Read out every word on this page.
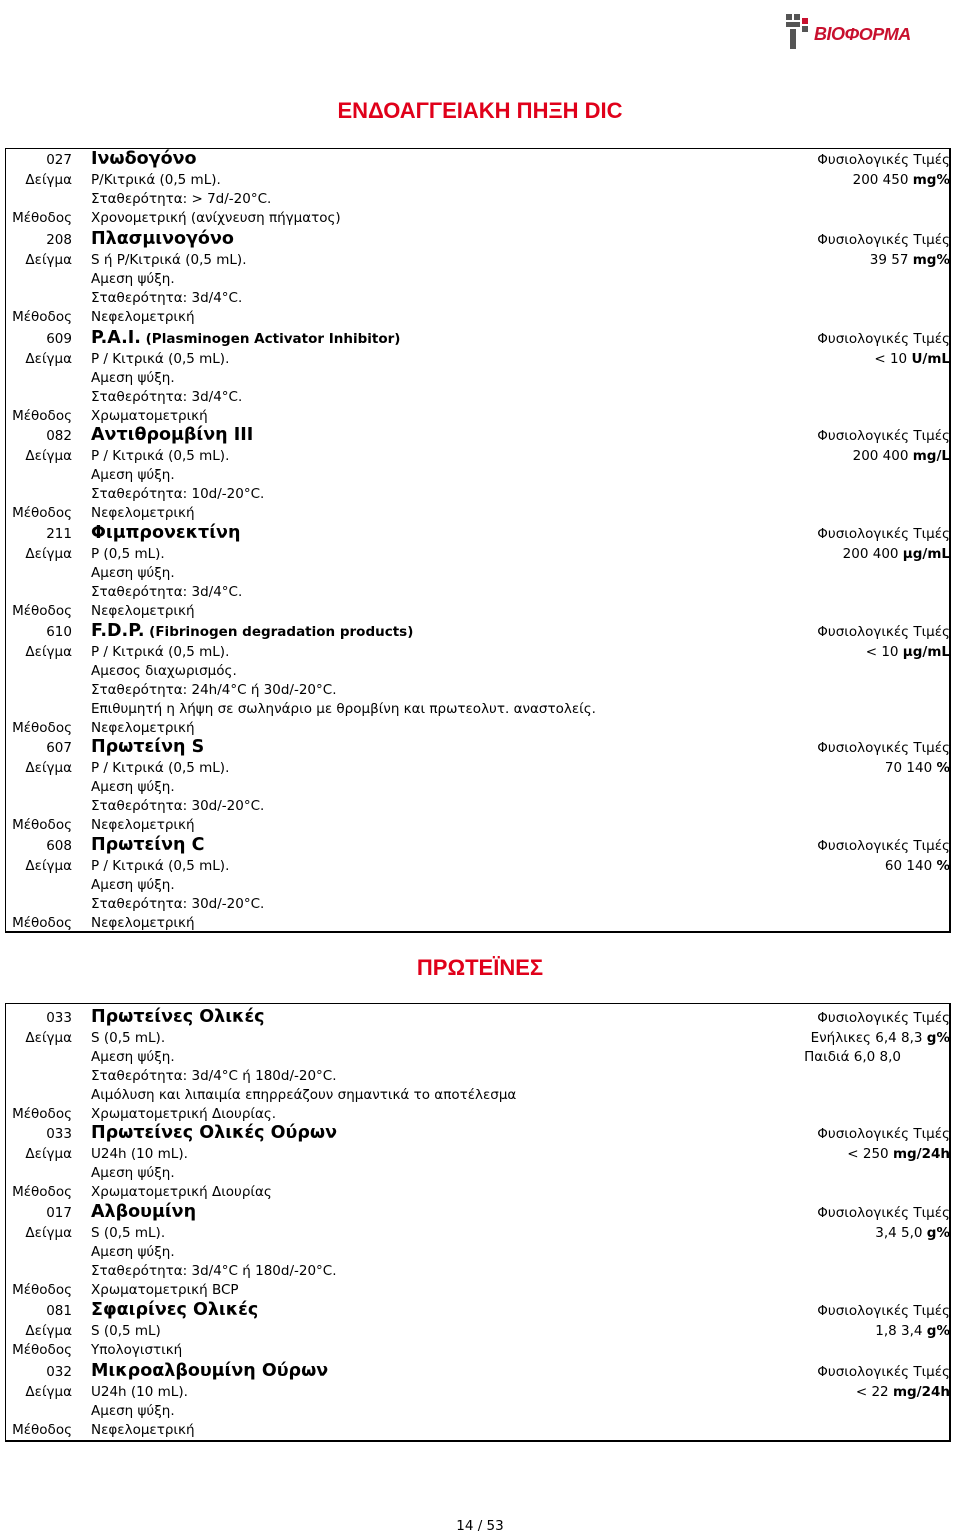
BIOΦΟΡΜΑ
ΕΝΔΟΑΓΓΕΙΑΚΗ ΠΗΞΗ DIC
027 Ινωδογόνο	Φυσιολογικές Τιμές
200 450 mg%
Δείγμα Ρ/Κιτρικά (0,5 mL).
Σταθερότητα: > 7d/-20°C.
Μέθοδος Χρονομετρική (ανίχνευση πήγματος)
208 Πλασμινογόνο	Φυσιολογικές Τιμές
39 57 mg%
Δείγμα S ή P/Κιτρικά (0,5 mL).
Αμεση ψύξη.
Σταθερότητα: 3d/4°C.
Μέθοδος Νεφελομετρική
609 P.A.I. (Plasminogen Activator Inhibitor)	Φυσιολογικές Τιμές
< 10 U/mL
Δείγμα P / Κιτρικά (0,5 mL).
Αμεση ψύξη.
Σταθερότητα: 3d/4°C.
Μέθοδος Χρωματομετρική
082 Αντιθρομβίνη ΙΙΙ	Φυσιολογικές Τιμές
200 400 mg/L
Δείγμα P / Κιτρικά (0,5 mL).
Αμεση ψύξη.
Σταθερότητα: 10d/-20°C.
Μέθοδος Νεφελομετρική
211 Φιμπρονεκτίνη	Φυσιολογικές Τιμές
200 400 μg/mL
Δείγμα P (0,5 mL).
Αμεση ψύξη.
Σταθερότητα: 3d/4°C.
Μέθοδος Νεφελομετρική
610 F.D.P. (Fibrinogen degradation products)	Φυσιολογικές Τιμές
< 10 μg/mL
Δείγμα P / Κιτρικά (0,5 mL).
Αμεσος διαχωρισμός.
Σταθερότητα: 24h/4°C ή 30d/-20°C.
Επιθυμητή η λήψη σε σωληνάριο με θρομβίνη και πρωτεολυτ. αναστολείς.
Μέθοδος Νεφελομετρική
607 Πρωτείνη S	Φυσιολογικές Τιμές
70 140 %
Δείγμα P / Κιτρικά (0,5 mL).
Αμεση ψύξη.
Σταθερότητα: 30d/-20°C.
Μέθοδος Νεφελομετρική
608 Πρωτείνη C	Φυσιολογικές Τιμές
60 140 %
Δείγμα P / Κιτρικά (0,5 mL).
Αμεση ψύξη.
Σταθερότητα: 30d/-20°C.
Μέθοδος Νεφελομετρική
ΠΡΩΤΕΪΝΕΣ
033 Πρωτείνες Ολικές	Φυσιολογικές Τιμές
Ενήλικες 6,4 8,3 g%
Παιδιά 6,0 8,0
Δείγμα S (0,5 mL).
Αμεση ψύξη.
Σταθερότητα: 3d/4°C ή 180d/-20°C.
Αιμόλυση και λιπαιμία επηρρεάζουν σημαντικά το αποτέλεσμα
Μέθοδος Χρωματομετρική Διουρίας.
033 Πρωτείνες Ολικές Ούρων	Φυσιολογικές Τιμές
< 250 mg/24h
Δείγμα U24h (10 mL).
Αμεση ψύξη.
Μέθοδος Χρωματομετρική Διουρίας
017 Αλβουμίνη	Φυσιολογικές Τιμές
3,4 5,0 g%
Δείγμα S (0,5 mL).
Αμεση ψύξη.
Σταθερότητα: 3d/4°C ή 180d/-20°C.
Μέθοδος Χρωματομετρική BCP
081 Σφαιρίνες Ολικές	Φυσιολογικές Τιμές
1,8 3,4 g%
Δείγμα S (0,5 mL)
Μέθοδος Υπολογιστική
032 Μικροαλβουμίνη Ούρων	Φυσιολογικές Τιμές
< 22 mg/24h
Δείγμα U24h (10 mL).
Αμεση ψύξη.
Μέθοδος Νεφελομετρική
14 / 53
